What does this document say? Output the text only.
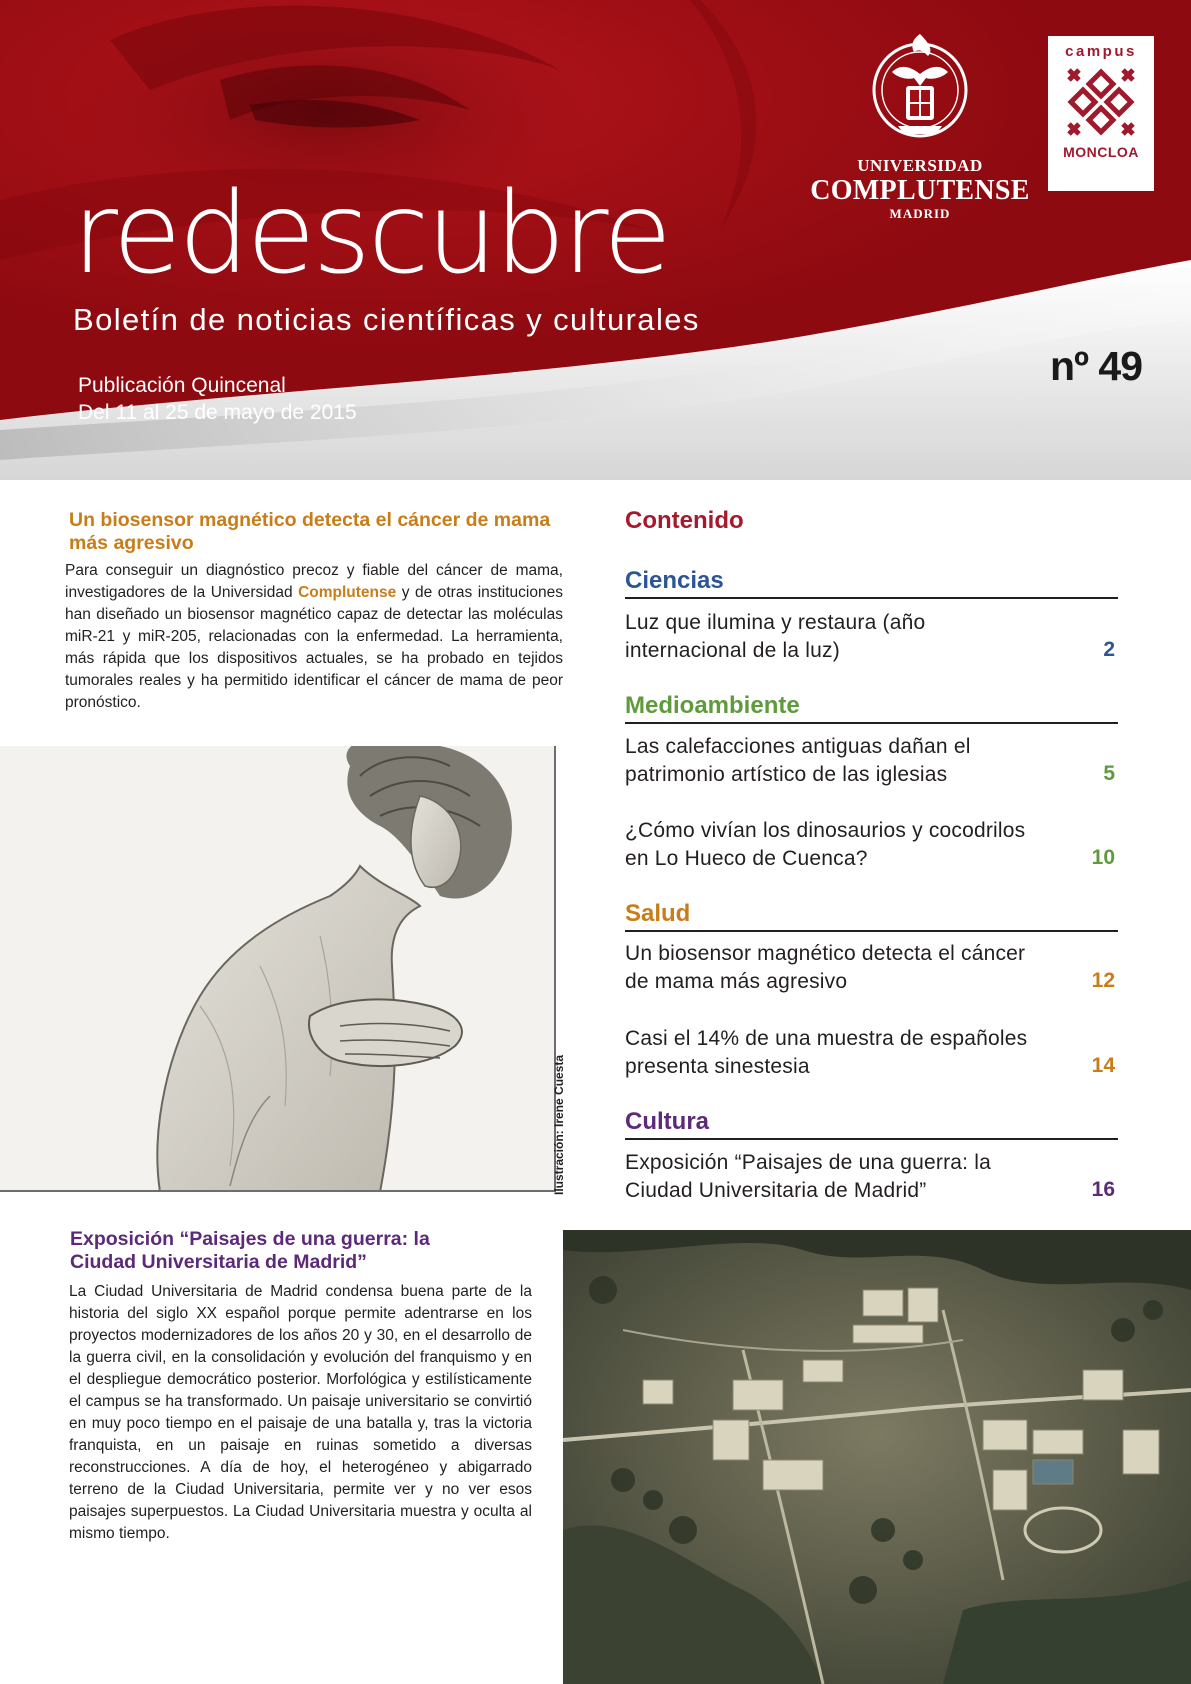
redescubre
Boletín de noticias científicas y culturales
Publicación Quincenal
Del 11 al 25 de mayo de 2015
nº 49
UNIVERSIDAD
COMPLUTENSE
MADRID
campus
MONCLOA
Un biosensor magnético detecta el cáncer de mama más agresivo
Para conseguir un diagnóstico precoz y fiable del cáncer de mama, investigadores de la Universidad Complutense y de otras instituciones han diseñado un biosensor magnético capaz de detectar las moléculas miR-21 y miR-205, relacionadas con la enfermedad. La herramienta, más rápida que los dispositivos actuales, se ha probado en tejidos tumorales reales y ha permitido identificar el cáncer de mama de peor pronóstico.
Ilustración: Irene Cuesta
Contenido
Ciencias
Luz que ilumina y restaura (año internacional de la luz)	2
Medioambiente
Las calefacciones antiguas dañan el patrimonio artístico de las iglesias	5
¿Cómo vivían los dinosaurios y cocodrilos en Lo Hueco de Cuenca?	10
Salud
Un biosensor magnético detecta el cáncer de mama más agresivo	12
Casi el 14% de una muestra de españoles presenta sinestesia	14
Cultura
Exposición “Paisajes de una guerra: la Ciudad Universitaria de Madrid”	16
Exposición “Paisajes de una guerra: la Ciudad Universitaria de Madrid”
La Ciudad Universitaria de Madrid condensa buena parte de la historia del siglo XX español porque permite adentrarse en los proyectos modernizadores de los años 20 y 30, en el desarrollo de la guerra civil, en la consolidación y evolución del franquismo y en el despliegue democrático posterior. Morfológica y estilísticamente el campus se ha transformado. Un paisaje universitario se convirtió en muy poco tiempo en el paisaje de una batalla y, tras la victoria franquista, en un paisaje en ruinas sometido a diversas reconstrucciones. A día de hoy, el heterogéneo y abigarrado terreno de la Ciudad Universitaria, permite ver y no ver esos paisajes superpuestos. La Ciudad Universitaria muestra y oculta al mismo tiempo.
